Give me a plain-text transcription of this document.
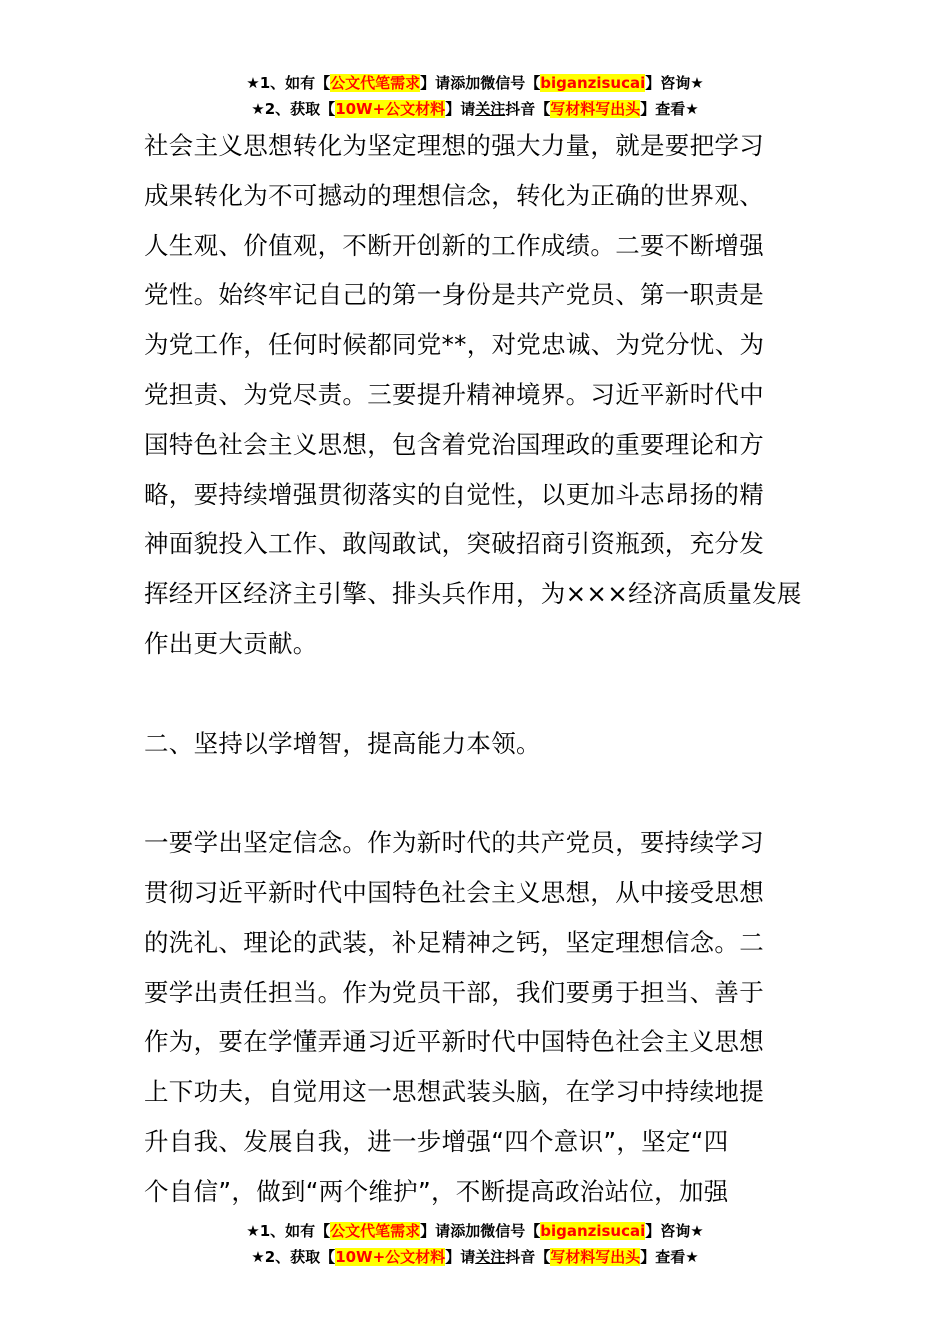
★1、如有【公文代笔需求】请添加微信号【biganzisucai】咨询★
★2、获取【10W+公文材料】请关注抖音【写材料写出头】查看★
社会主义思想转化为坚定理想的强大力量，就是要把学习
成果转化为不可撼动的理想信念，转化为正确的世界观、
人生观、价值观，不断开创新的工作成绩。二要不断增强
党性。始终牢记自己的第一身份是共产党员、第一职责是
为党工作，任何时候都同党**，对党忠诚、为党分忧、为
党担责、为党尽责。三要提升精神境界。习近平新时代中
国特色社会主义思想，包含着党治国理政的重要理论和方
略，要持续增强贯彻落实的自觉性，以更加斗志昂扬的精
神面貌投入工作、敢闯敢试，突破招商引资瓶颈，充分发
挥经开区经济主引擎、排头兵作用，为×××经济高质量发展
作出更大贡献。
二、坚持以学增智，提高能力本领。
一要学出坚定信念。作为新时代的共产党员，要持续学习
贯彻习近平新时代中国特色社会主义思想，从中接受思想
的洗礼、理论的武装，补足精神之钙，坚定理想信念。二
要学出责任担当。作为党员干部，我们要勇于担当、善于
作为，要在学懂弄通习近平新时代中国特色社会主义思想
上下功夫，自觉用这一思想武装头脑，在学习中持续地提
升自我、发展自我，进一步增强“四个意识”，坚定“四
个自信”，做到“两个维护”，不断提高政治站位，加强
★1、如有【公文代笔需求】请添加微信号【biganzisucai】咨询★
★2、获取【10W+公文材料】请关注抖音【写材料写出头】查看★
